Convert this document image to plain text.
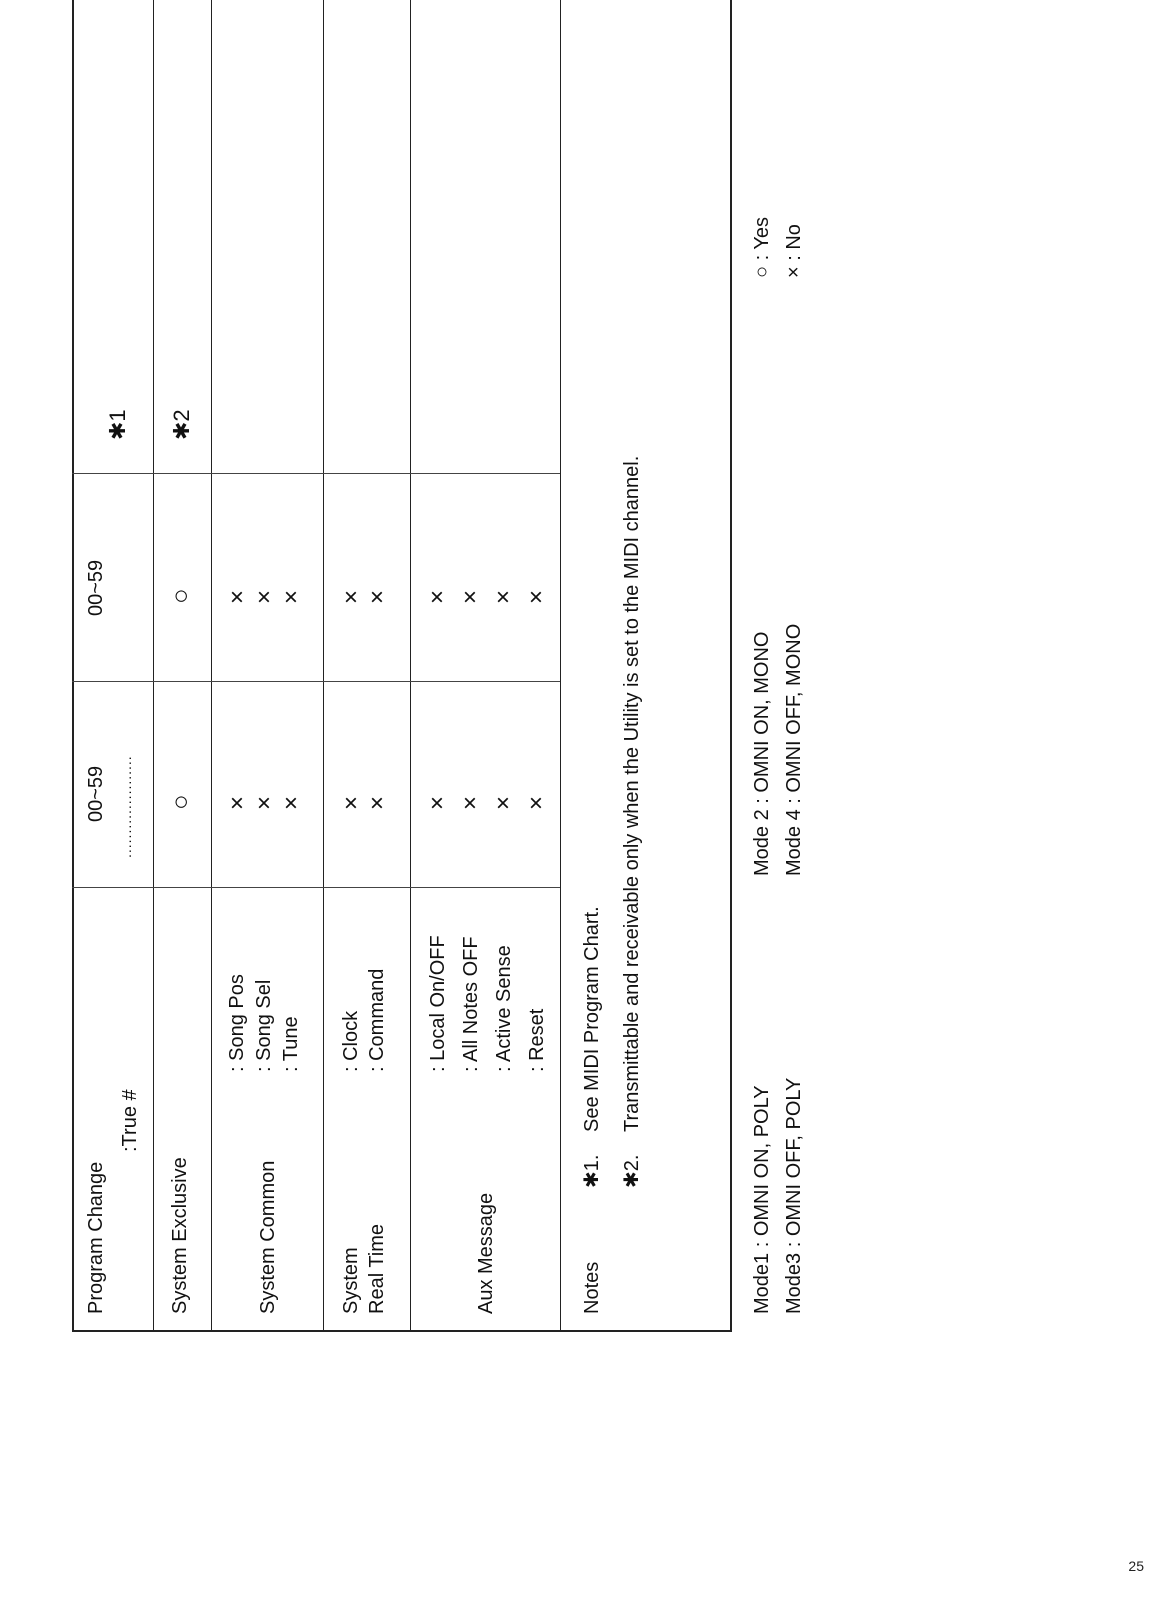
Program Change
:True #
00~59 .....................
00~59
✱1
System Exclusive
○
○
✱2
System Common
: Song Pos : Song Sel : Tune
× × ×
× × ×
System Real Time
: Clock : Command
× ×
× ×
Aux Message
: Local On/OFF : All Notes OFF : Active Sense : Reset
× × × ×
× × × ×
Notes
✱1.
See MIDI Program Chart.
✱2.
Transmittable and receivable only when the Utility is set to the MIDI channel.
Mode1 : OMNI ON, POLY Mode3 : OMNI OFF, POLY
Mode 2 : OMNI ON, MONO Mode 4 : OMNI OFF, MONO
○ : Yes × : No
25
